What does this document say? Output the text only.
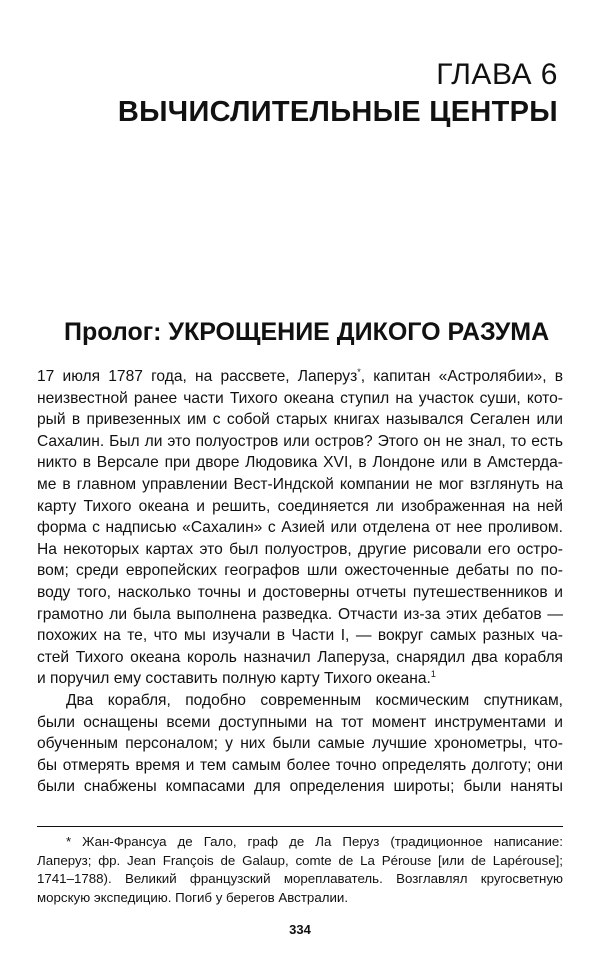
ГЛАВА 6
ВЫЧИСЛИТЕЛЬНЫЕ ЦЕНТРЫ
Пролог: УКРОЩЕНИЕ ДИКОГО РАЗУМА
17 июля 1787 года, на рассвете, Лаперуз*, капитан «Астролябии», в
неизвестной ранее части Тихого океана ступил на участок суши, кото-
рый в привезенных им с собой старых книгах назывался Сегален или
Сахалин. Был ли это полуостров или остров? Этого он не знал, то есть
никто в Версале при дворе Людовика XVI, в Лондоне или в Амстерда-
ме в главном управлении Вест-Индской компании не мог взглянуть на
карту Тихого океана и решить, соединяется ли изображенная на ней
форма с надписью «Сахалин» с Азией или отделена от нее проливом.
На некоторых картах это был полуостров, другие рисовали его остро-
вом; среди европейских географов шли ожесточенные дебаты по по-
воду того, насколько точны и достоверны отчеты путешественников и
грамотно ли была выполнена разведка. Отчасти из-за этих дебатов —
похожих на те, что мы изучали в Части I, — вокруг самых разных ча-
стей Тихого океана король назначил Лаперуза, снарядил два корабля
и поручил ему составить полную карту Тихого океана.$^1$
Два корабля, подобно современным космическим спутникам,
были оснащены всеми доступными на тот момент инструментами и
обученным персоналом; у них были самые лучшие хронометры, что-
бы отмерять время и тем самым более точно определять долготу; они
были снабжены компасами для определения широты; были наняты
* Жан-Франсуа де Гало, граф де Ла Перуз (традиционное написание:
Лаперуз; фр. Jean François de Galaup, comte de La Pérouse [или de Lapérouse];
1741–1788). Великий французский мореплаватель. Возглавлял кругосветную
морскую экспедицию. Погиб у берегов Австралии.
334
